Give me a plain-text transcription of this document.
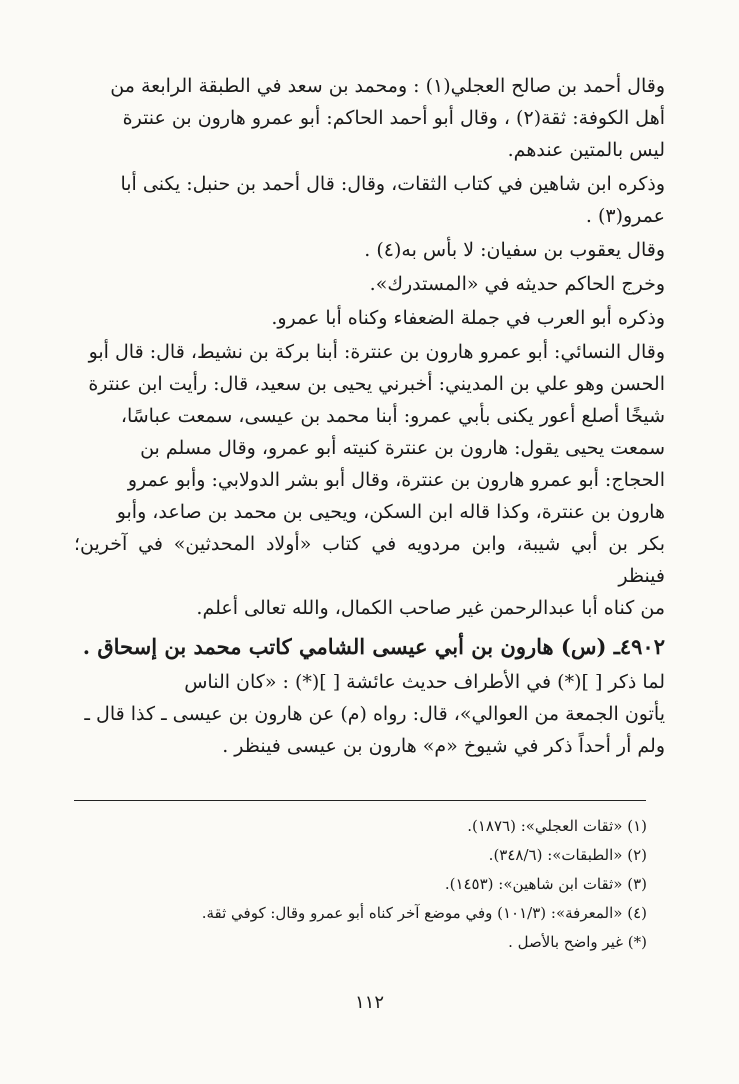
وقال أحمد بن صالح العجلي(١) : ومحمد بن سعد في الطبقة الرابعة من
أهل الكوفة: ثقة(٢) ، وقال أبو أحمد الحاكم: أبو عمرو هارون بن عنترة
ليس بالمتين عندهم.
وذكره ابن شاهين في كتاب الثقات، وقال: قال أحمد بن حنبل: يكنى أبا
عمرو(٣) .
وقال يعقوب بن سفيان: لا بأس به(٤) .
وخرج الحاكم حديثه في «المستدرك».
وذكره أبو العرب في جملة الضعفاء وكناه أبا عمرو.
وقال النسائي: أبو عمرو هارون بن عنترة: أبنا بركة بن نشيط، قال: قال أبو
الحسن وهو علي بن المديني: أخبرني يحيى بن سعيد، قال: رأيت ابن عنترة
شيخًا أصلع أعور يكنى بأبي عمرو: أبنا محمد بن عيسى، سمعت عباسًا،
سمعت يحيى يقول: هارون بن عنترة كنيته أبو عمرو، وقال مسلم بن
الحجاج: أبو عمرو هارون بن عنترة، وقال أبو بشر الدولابي: وأبو عمرو
هارون بن عنترة، وكذا قاله ابن السكن، ويحيى بن محمد بن صاعد، وأبو
بكر بن أبي شيبة، وابن مردويه في كتاب «أولاد المحدثين» في آخرين؛ فينظر
من كناه أبا عبدالرحمن غير صاحب الكمال، والله تعالى أعلم.
٤٩٠٢ـ (س) هارون بن أبي عيسى الشامي كاتب محمد بن إسحاق .
لما ذكر [ ](*) في الأطراف حديث عائشة [ ](*) : «كان الناس
يأتون الجمعة من العوالي»، قال: رواه (م) عن هارون بن عيسى ـ كذا قال ـ
ولم أر أحداً ذكر في شيوخ «م» هارون بن عيسى فينظر .
(١) «ثقات العجلي»: (١٨٧٦).
(٢) «الطبقات»: (٣٤٨/٦).
(٣) «ثقات ابن شاهين»: (١٤٥٣).
(٤) «المعرفة»: (١٠١/٣) وفي موضع آخر كناه أبو عمرو وقال: كوفي ثقة.
(*) غير واضح بالأصل .
١١٢
